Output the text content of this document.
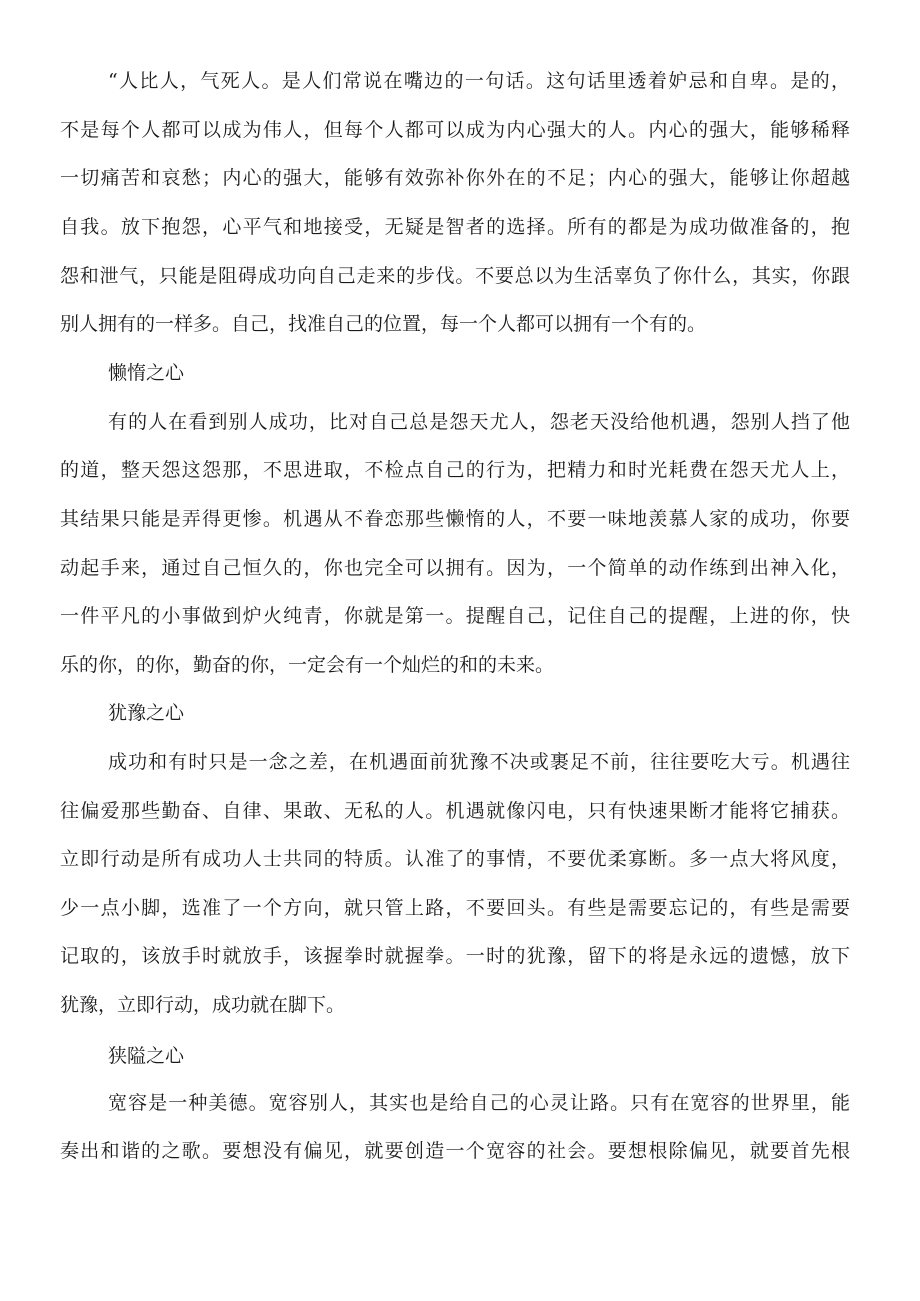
“人比人，气死人。是人们常说在嘴边的一句话。这句话里透着妒忌和自卑。是的，
不是每个人都可以成为伟人，但每个人都可以成为内心强大的人。内心的强大，能够稀释
一切痛苦和哀愁；内心的强大，能够有效弥补你外在的不足；内心的强大，能够让你超越
自我。放下抱怨，心平气和地接受，无疑是智者的选择。所有的都是为成功做准备的，抱
怨和泄气，只能是阻碍成功向自己走来的步伐。不要总以为生活辜负了你什么，其实，你跟
别人拥有的一样多。自己，找准自己的位置，每一个人都可以拥有一个有的。
懒惰之心
有的人在看到别人成功，比对自己总是怨天尤人，怨老天没给他机遇，怨别人挡了他
的道，整天怨这怨那，不思进取，不检点自己的行为，把精力和时光耗费在怨天尤人上，
其结果只能是弄得更惨。机遇从不眷恋那些懒惰的人，不要一味地羡慕人家的成功，你要
动起手来，通过自己恒久的，你也完全可以拥有。因为，一个简单的动作练到出神入化，
一件平凡的小事做到炉火纯青，你就是第一。提醒自己，记住自己的提醒，上进的你，快
乐的你，的你，勤奋的你，一定会有一个灿烂的和的未来。
犹豫之心
成功和有时只是一念之差，在机遇面前犹豫不决或裹足不前，往往要吃大亏。机遇往
往偏爱那些勤奋、自律、果敢、无私的人。机遇就像闪电，只有快速果断才能将它捕获。
立即行动是所有成功人士共同的特质。认准了的事情，不要优柔寡断。多一点大将风度，
少一点小脚，选准了一个方向，就只管上路，不要回头。有些是需要忘记的，有些是需要
记取的，该放手时就放手，该握拳时就握拳。一时的犹豫，留下的将是永远的遗憾，放下
犹豫，立即行动，成功就在脚下。
狭隘之心
宽容是一种美德。宽容别人，其实也是给自己的心灵让路。只有在宽容的世界里，能
奏出和谐的之歌。要想没有偏见，就要创造一个宽容的社会。要想根除偏见，就要首先根
